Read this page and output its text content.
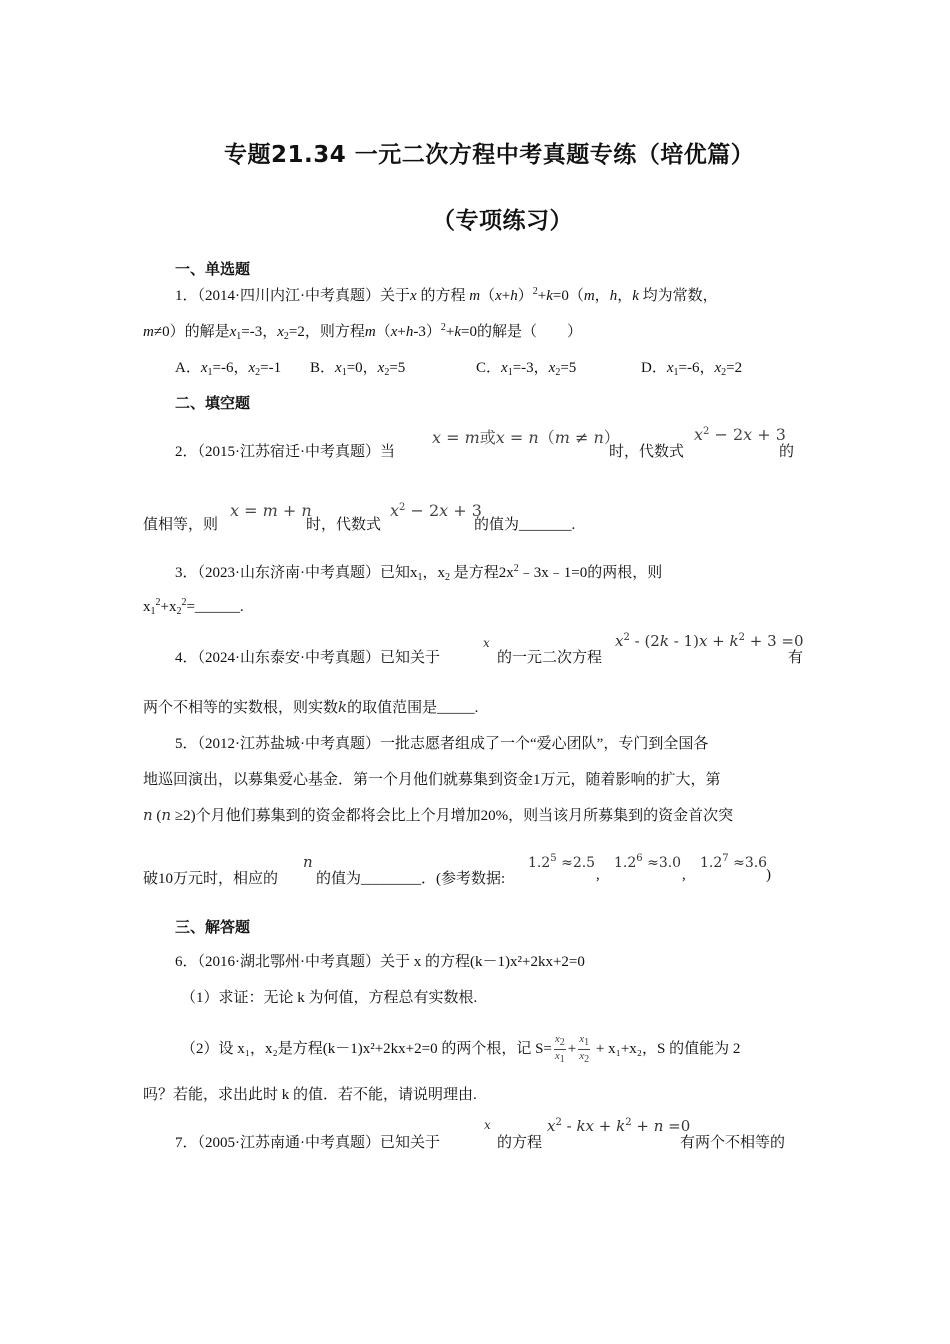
专题21.34 一元二次方程中考真题专练（培优篇）
（专项练习）
一、单选题
1．（2014·四川内江·中考真题）关于x 的方程 $m(x+h)^2+k=0(m$，h，k 均为常数，
m≠0）的解是$x_1=-3$，$x_2=2$，则方程$m(x+h-3)^2+k=0$的解是（　　）
A．$x_1=-6$，$x_2=-1$ B．$x_1=0$，$x_2=5$	C．$x_1=-3$，$x_2=5$	D．$x_1=-6$，$x_2=2$
二、填空题
2．（2015·江苏宿迁·中考真题）当
x = m或x = n（m ≠ n）
时，代数式
$x^2 - 2x + 3$
的
值相等，则
x = m + n
时，代数式
$x^2 - 2x + 3$
的值为_______.
3．（2023·山东济南·中考真题）已知$x_1$，$x_2$ 是方程$2x^2﹣3x﹣1=0$的两根，则
$x_1^2+x_2^2=\_\_\_\_\_\_$.
4．（2024·山东泰安·中考真题）已知关于
x
的一元二次方程
$x^2 - (2k - 1)x + k^2 + 3 =0$
有
两个不相等的实数根，则实数k的取值范围是_____.
5．（2012·江苏盐城·中考真题）一批志愿者组成了一个“爱心团队”，专门到全国各
地巡回演出，以募集爱心基金．第一个月他们就募集到资金1万元，随着影响的扩大，第
n (n ≥2)个月他们募集到的资金都将会比上个月增加20%，则当该月所募集到的资金首次突
破10万元时，相应的
n
的值为________．(参考数据:
$1.2^5 \approx 2.5$
,
$1.2^6 \approx 3.0$
,
$1.2^7 \approx 3.6$
)
三、解答题
6．（2016·湖北鄂州·中考真题）关于 x 的方程(k－1)x²+2kx+2=0
（1）求证：无论 k 为何值，方程总有实数根.
（2）设 x₁，x₂是方程(k－1)x²+2kx+2=0 的两个根，记 $S= \frac{x_2}{x_1} + \frac{x_1}{x_2} + x_1+x_2$，S 的值能为 2
吗？若能，求出此时 k 的值．若不能，请说明理由.
7．（2005·江苏南通·中考真题）已知关于
x
的方程
$x^2$ - kx + $k^2 + n =0$
有两个不相等的
